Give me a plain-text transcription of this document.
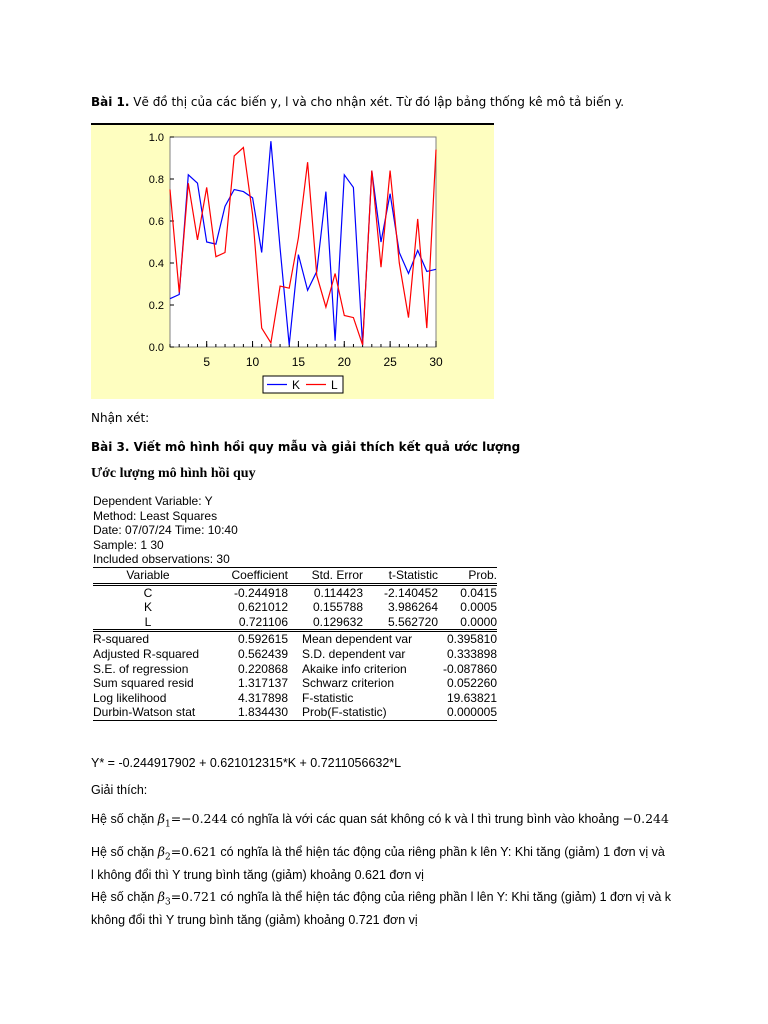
Bài 1. Vẽ đồ thị của các biến y, l và cho nhận xét. Từ đó lập bảng thống kê mô tả biến y.
0.0
0.2
0.4
0.6
0.8
1.0
5	10	15	20	25	30
K	L
Nhận xét:
Bài 3. Viết mô hình hồi quy mẫu và giải thích kết quả ước lượng
Ước lượng mô hình hồi quy
Dependent Variable: Y
Method: Least Squares
Date: 07/07/24 Time: 10:40
Sample: 1 30
Included observations: 30
Variable	Coefficient	Std. Error	t-Statistic	Prob.
C	-0.244918	0.114423	-2.140452	0.0415
K	0.621012	0.155788	3.986264	0.0005
L	0.721106	0.129632	5.562720	0.0000
R-squared	0.592615	Mean dependent var	0.395810
Adjusted R-squared	0.562439	S.D. dependent var	0.333898
S.E. of regression	0.220868	Akaike info criterion	-0.087860
Sum squared resid	1.317137	Schwarz criterion	0.052260
Log likelihood	4.317898	F-statistic	19.63821
Durbin-Watson stat	1.834430	Prob(F-statistic)	0.000005
Y* = -0.244917902 + 0.621012315*K + 0.7211056632*L
Giải thích:
Hệ số chặn $\beta_1=-0.244$ có nghĩa là với các quan sát không có k và l thì trung bình vào khoảng −0.244
Hệ số chặn $\beta_2=0.621$ có nghĩa là thể hiện tác động của riêng phần k lên Y: Khi tăng (giảm) 1 đơn vị và
l không đổi thì Y trung bình tăng (giảm) khoảng 0.621 đơn vị
Hệ số chặn $\beta_3=0.721$ có nghĩa là thể hiện tác động của riêng phần l lên Y: Khi tăng (giảm) 1 đơn vị và k
không đổi thì Y trung bình tăng (giảm) khoảng 0.721 đơn vị
